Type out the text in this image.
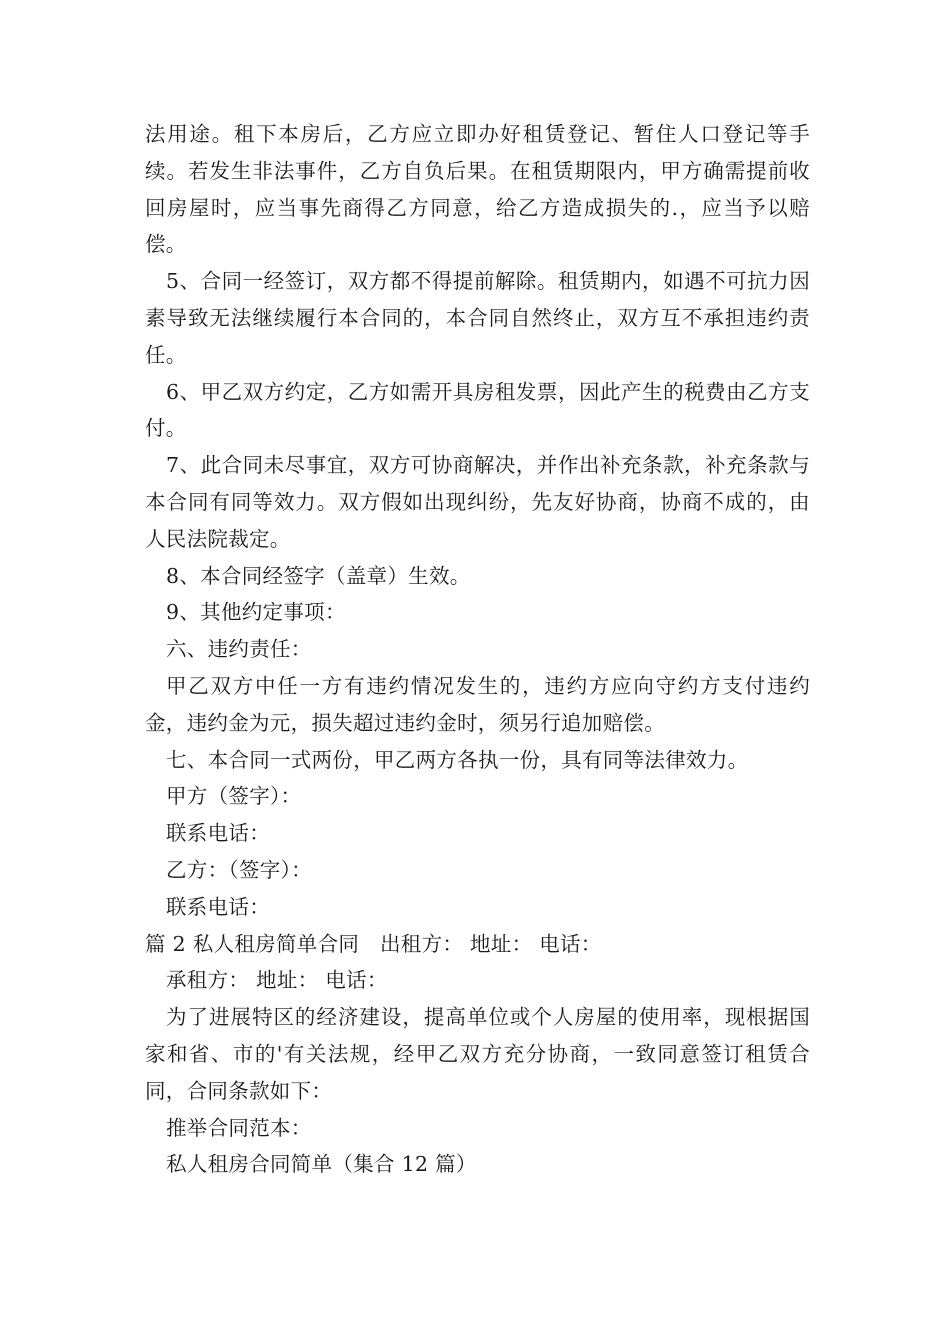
法用途。租下本房后，乙方应立即办好租赁登记、暂住人口登记等手续。若发生非法事件，乙方自负后果。在租赁期限内，甲方确需提前收回房屋时，应当事先商得乙方同意，给乙方造成损失的.，应当予以赔偿。

5、合同一经签订，双方都不得提前解除。租赁期内，如遇不可抗力因素导致无法继续履行本合同的，本合同自然终止，双方互不承担违约责任。

6、甲乙双方约定，乙方如需开具房租发票，因此产生的税费由乙方支付。

7、此合同未尽事宜，双方可协商解决，并作出补充条款，补充条款与本合同有同等效力。双方假如出现纠纷，先友好协商，协商不成的，由人民法院裁定。

8、本合同经签字（盖章）生效。

9、其他约定事项：

六、违约责任：

甲乙双方中任一方有违约情况发生的，违约方应向守约方支付违约金，违约金为元，损失超过违约金时，须另行追加赔偿。

七、本合同一式两份，甲乙两方各执一份，具有同等法律效力。

甲方（签字）：

联系电话：

乙方：（签字）：

联系电话：

篇 2 私人租房简单合同　出租方： 地址： 电话：

承租方： 地址： 电话：

为了进展特区的经济建设，提高单位或个人房屋的使用率，现根据国家和省、市的'有关法规，经甲乙双方充分协商，一致同意签订租赁合同，合同条款如下：

推举合同范本：

私人租房合同简单（集合 12 篇）
